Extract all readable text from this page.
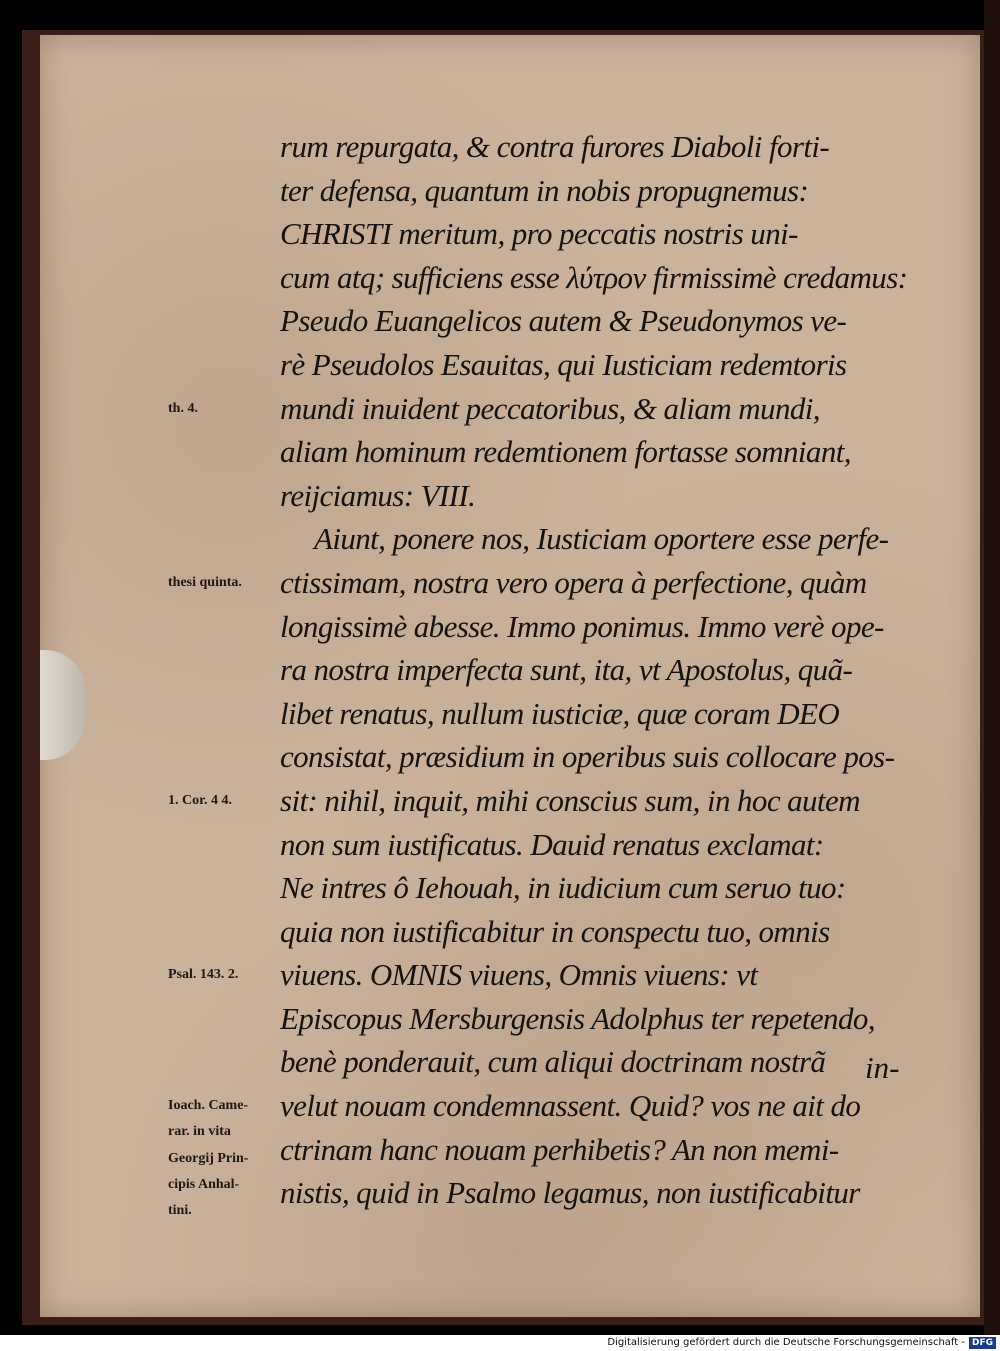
rum repurgata, & contra furores Diaboli forti-
ter defensa, quantum in nobis propugnemus:
CHRISTI meritum, pro peccatis nostris uni-
cum atq; sufficiens esse λύτρον firmissimè credamus:
Pseudo Euangelicos autem & Pseudonymos ve-
rè Pseudolos Esauitas, qui Iusticiam redemtoris
mundi inuident peccatoribus, & aliam mundi,
aliam hominum redemtionem fortasse somniant,
reijciamus: VIII.
Aiunt, ponere nos, Iusticiam oportere esse perfe-
ctissimam, nostra vero opera à perfectione, quàm
longissimè abesse. Immo ponimus. Immo verè ope-
ra nostra imperfecta sunt, ita, vt Apostolus, quã-
libet renatus, nullum iusticiæ, quæ coram DEO
consistat, præsidium in operibus suis collocare pos-
sit: nihil, inquit, mihi conscius sum, in hoc autem
non sum iustificatus. Dauid renatus exclamat:
Ne intres ô Iehouah, in iudicium cum seruo tuo:
quia non iustificabitur in conspectu tuo, omnis
viuens. OMNIS viuens, Omnis viuens: vt
Episcopus Mersburgensis Adolphus ter repetendo,
benè ponderauit, cum aliqui doctrinam nostrã
velut nouam condemnassent. Quid? vos ne ait do
ctrinam hanc nouam perhibetis? An non memi-
nistis, quid in Psalmo legamus, non iustificabitur
th. 4.
thesi quinta.
1. Cor. 4 4.
Psal. 143. 2.
Ioach. Came-
rar. in vita
Georgij Prin-
cipis Anhal-
tini.
in-
Digitalisierung gefördert durch die Deutsche Forschungsgemeinschaft - DFG
